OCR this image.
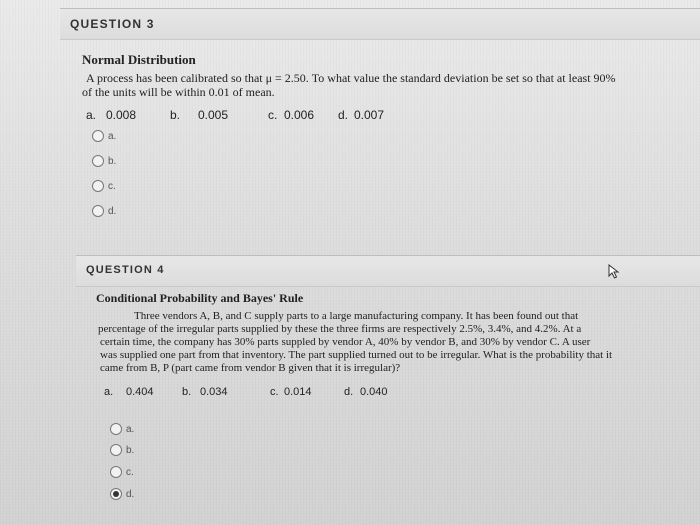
QUESTION 3
Normal Distribution
A process has been calibrated so that μ = 2.50. To what value the standard deviation be set so that at least 90%
of the units will be within 0.01 of mean.
a. 0.008	b. 0.005	c. 0.006 d. 0.007
a.
b.
c.
d.
QUESTION 4
Conditional Probability and Bayes' Rule
Three vendors A, B, and C supply parts to a large manufacturing company. It has been found out that
percentage of the irregular parts supplied by these the three firms are respectively 2.5%, 3.4%, and 4.2%. At a
certain time, the company has 30% parts suppled by vendor A, 40% by vendor B, and 30% by vendor C. A user
was supplied one part from that inventory. The part supplied turned out to be irregular. What is the probability that it
came from B, P (part came from vendor B given that it is irregular)?
a. 0.404	b. 0.034	c. 0.014	d. 0.040
a.
b.
c.
d.
